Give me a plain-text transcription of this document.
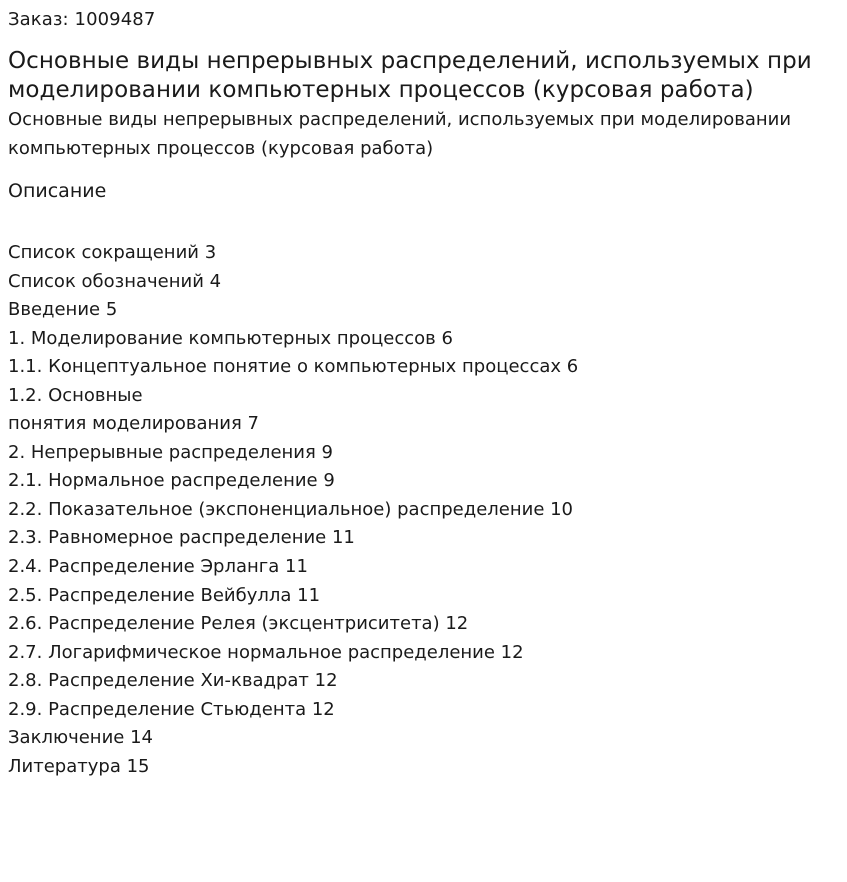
Заказ: 1009487

Основные виды непрерывных распределений, используемых при моделировании компьютерных процессов (курсовая работа)

Основные виды непрерывных распределений, используемых при моделировании компьютерных процессов (курсовая работа)

Описание
Список сокращений 3
Список обозначений 4
Введение 5
1. Моделирование компьютерных процессов 6
1.1. Концептуальное понятие о компьютерных процессах 6
1.2. Основные
понятия моделирования 7
2. Непрерывные распределения 9
2.1. Нормальное распределение 9
2.2. Показательное (экспоненциальное) распределение 10
2.3. Равномерное распределение 11
2.4. Распределение Эрланга 11
2.5. Распределение Вейбулла 11
2.6. Распределение Релея (эксцентриситета) 12
2.7. Логарифмическое нормальное распределение 12
2.8. Распределение Хи-квадрат 12
2.9. Распределение Стьюдента 12
Заключение 14
Литература 15
